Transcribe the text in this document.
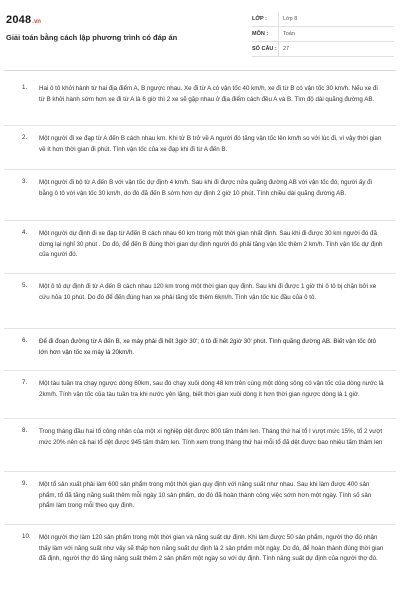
2048.vn
Giải toán bằng cách lập phương trình có đáp án
LỚP :	Lớp 8
MÔN :	Toán
SỐ CÂU :	27
1. Hai ô tô khởi hành từ hai địa điểm A, B ngược nhau. Xe đi từ A có vận tốc 40 km/h, xe đi từ B có vận tốc 30 km/h. Nếu xe đi từ B khởi hành sớm hơn xe đi từ A là 6 giờ thì 2 xe sẽ gặp nhau ở địa điểm cách đều A và B. Tìm độ dài quãng đường AB.
2. Một người đi xe đạp từ A đến B cách nhau km. Khi từ B trở về A người đó tăng vận tốc lên km/h so với lúc đi, vì vậy thời gian về ít hơn thời gian đi phút. Tính vận tốc của xe đạp khi đi từ A đến B.
3. Một người đi bộ từ A đến B với vận tốc dự định 4 km/h. Sau khi đi được nửa quãng đường AB với vận tốc đó, người ấy đi bằng ô tô với vận tốc 30 km/h, do đó đã đến B sớm hơn dự định 2 giờ 10 phút. Tính chiều dài quãng đường AB.
4. Một người dự định đi xe đạp từ Ađến B cách nhau 60 km trong một thời gian nhất định. Sau khi đi được 30 km người đó đã dừng lại nghỉ 30 phút . Do đó, để đến B đúng thời gian dự định người đó phải tăng vận tốc thêm 2 km/h. Tính vận tốc dự định của người đó.
5. Một ô tô dự định đi từ A đến B cách nhau 120 km trong một thời gian quy định. Sau khi đi được 1 giờ thì ô tô bị chặn bởi xe cứu hỏa 10 phút. Do đó để đến đúng hạn xe phải tăng tốc thêm 6km/h. Tính vận tốc lúc đầu của ô tô.
6. Để đi đoạn đường từ A đến B, xe máy phải đi hết 3giờ 30'; ô tô đi hết 2giờ 30' phút. Tính quãng đường AB. Biết vận tốc ôtô lớn hơn vận tốc xe máy là 20km/h.
7. Một tàu tuần tra chạy ngược dòng 60km, sau đó chạy xuôi dòng 48 km trên cùng một dòng sông có vận tốc của dòng nước là 2km/h. Tính vận tốc của tàu tuần tra khi nước yên lặng, biết thời gian xuôi dòng ít hơn thời gian ngược dòng là 1 giờ.
8. Trong tháng đầu hai tổ công nhân của một xí nghiệp dệt được 800 tấm thảm len. Tháng thứ hai tổ I vượt mức 15%, tổ 2 vượt mức 20% nên cả hai tổ dệt được 945 tấm thảm len. Tính xem trong tháng thứ hai mỗi tổ đã dệt được bao nhiêu tấm thảm len
9. Một tổ sản xuất phải làm 600 sản phẩm trong một thời gian quy định với năng suất như nhau. Sau khi làm được 400 sản phẩm, tổ đã tăng năng suất thêm mỗi ngày 10 sản phẩm, do đó đã hoàn thành công việc sớm hơn một ngày. Tính số sản phẩm làm trong mỗi theo quy định.
10. Một người thợ làm 120 sản phẩm trong một thời gian và năng suất dự định. Khi làm được 50 sản phẩm, người thợ đó nhận thấy làm với năng suất như vậy sẽ thấp hơn năng suất dự định là 2 sản phẩm một ngày. Do đó, để hoàn thành đúng thời gian đã định, người thợ đó tăng năng suất thêm 2 sản phẩm một ngày so với dự định. Tính năng suất dự định của người thợ đó.
